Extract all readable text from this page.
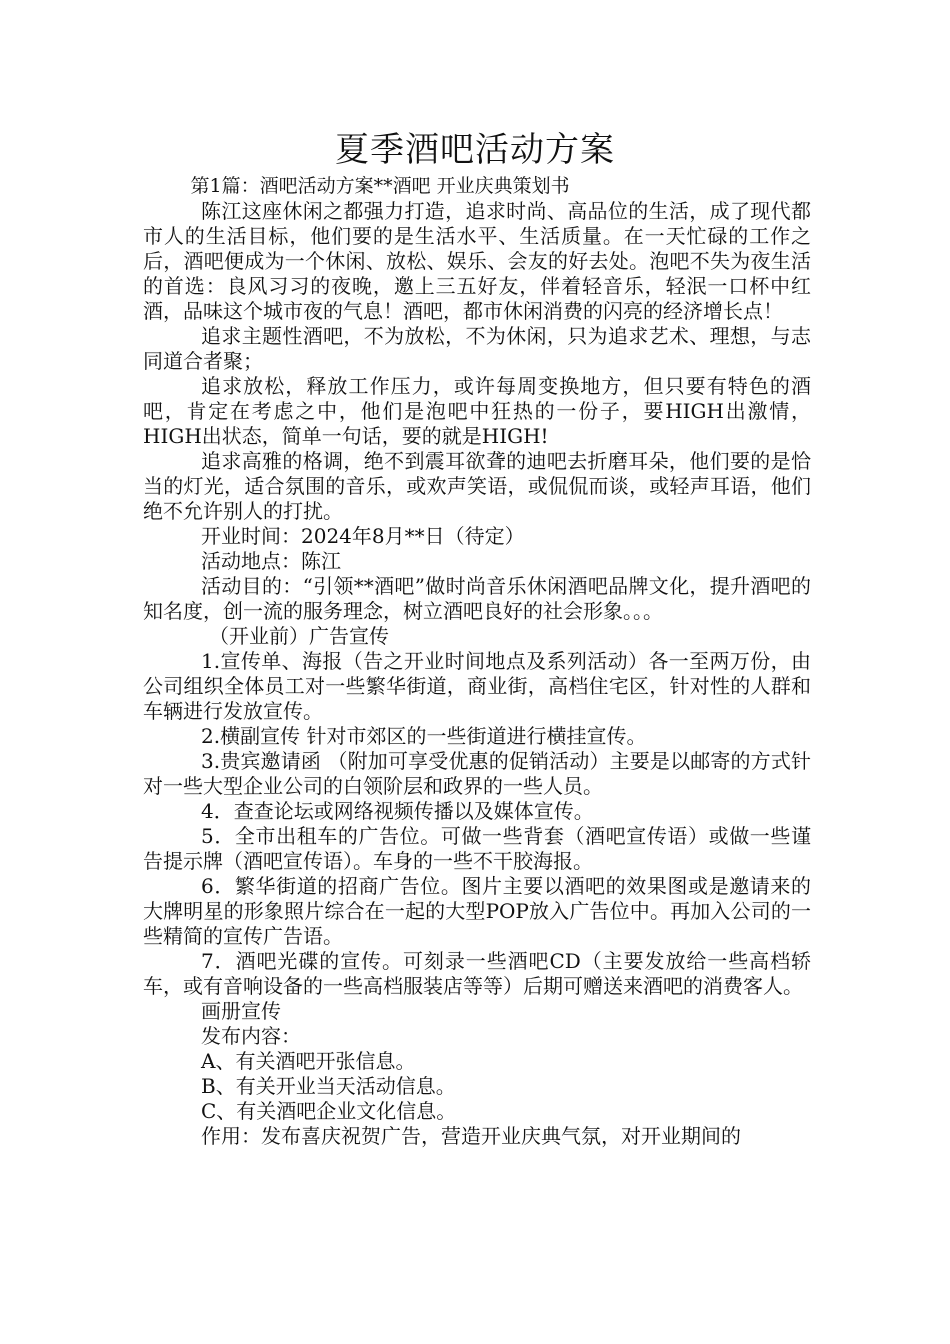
夏季酒吧活动方案

第1篇：酒吧活动方案**酒吧 开业庆典策划书

陈江这座休闲之都强力打造，追求时尚、高品位的生活，成了现代都市人的生活目标，他们要的是生活水平、生活质量。在一天忙碌的工作之后，酒吧便成为一个休闲、放松、娱乐、会友的好去处。泡吧不失为夜生活的首选：良风习习的夜晚，邀上三五好友，伴着轻音乐，轻泯一口杯中红酒，品味这个城市夜的气息！酒吧，都市休闲消费的闪亮的经济增长点！

追求主题性酒吧，不为放松，不为休闲，只为追求艺术、理想，与志同道合者聚；

追求放松，释放工作压力，或许每周变换地方，但只要有特色的酒吧，肯定在考虑之中，他们是泡吧中狂热的一份子，要HIGH出激情，HIGH出状态，简单一句话，要的就是HIGH!

追求高雅的格调，绝不到震耳欲聋的迪吧去折磨耳朵，他们要的是恰当的灯光，适合氛围的音乐，或欢声笑语，或侃侃而谈，或轻声耳语，他们绝不允许别人的打扰。

开业时间：2024年8月**日（待定）

活动地点：陈江

活动目的：“引领**酒吧”做时尚音乐休闲酒吧品牌文化，提升酒吧的知名度，创一流的服务理念，树立酒吧良好的社会形象。。。

（开业前）广告宣传

1.宣传单、海报（告之开业时间地点及系列活动）各一至两万份，由公司组织全体员工对一些繁华街道，商业街，高档住宅区，针对性的人群和车辆进行发放宣传。

2.横副宣传 针对市郊区的一些街道进行横挂宣传。

3.贵宾邀请函 （附加可享受优惠的促销活动）主要是以邮寄的方式针对一些大型企业公司的白领阶层和政界的一些人员。

4．查查论坛或网络视频传播以及媒体宣传。

5．全市出租车的广告位。可做一些背套（酒吧宣传语）或做一些谨告提示牌（酒吧宣传语）。车身的一些不干胶海报。

6．繁华街道的招商广告位。图片主要以酒吧的效果图或是邀请来的大牌明星的形象照片综合在一起的大型POP放入广告位中。再加入公司的一些精简的宣传广告语。

7．酒吧光碟的宣传。可刻录一些酒吧CD（主要发放给一些高档轿车，或有音响设备的一些高档服装店等等）后期可赠送来酒吧的消费客人。

画册宣传

发布内容：

A、有关酒吧开张信息。

B、有关开业当天活动信息。

C、有关酒吧企业文化信息。

作用：发布喜庆祝贺广告，营造开业庆典气氛，对开业期间的
